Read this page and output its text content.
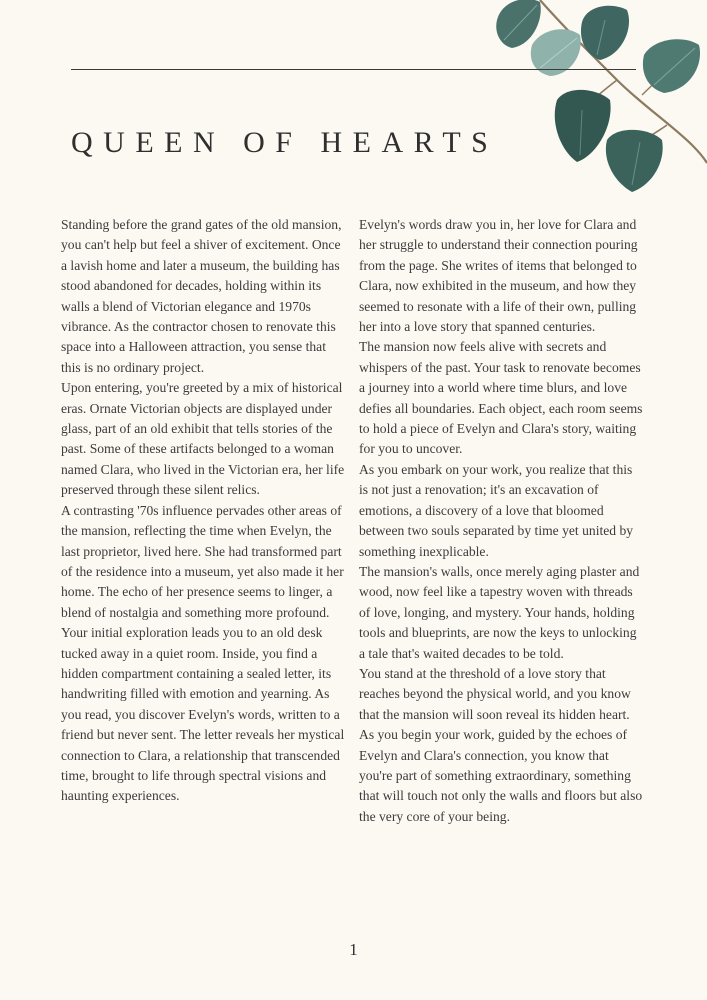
QUEEN OF HEARTS

Standing before the grand gates of the old mansion, you can't help but feel a shiver of excitement. Once a lavish home and later a museum, the building has stood abandoned for decades, holding within its walls a blend of Victorian elegance and 1970s vibrance. As the contractor chosen to renovate this space into a Halloween attraction, you sense that this is no ordinary project.

Upon entering, you're greeted by a mix of historical eras. Ornate Victorian objects are displayed under glass, part of an old exhibit that tells stories of the past. Some of these artifacts belonged to a woman named Clara, who lived in the Victorian era, her life preserved through these silent relics.

A contrasting '70s influence pervades other areas of the mansion, reflecting the time when Evelyn, the last proprietor, lived here. She had transformed part of the residence into a museum, yet also made it her home. The echo of her presence seems to linger, a blend of nostalgia and something more profound.

Your initial exploration leads you to an old desk tucked away in a quiet room. Inside, you find a hidden compartment containing a sealed letter, its handwriting filled with emotion and yearning. As you read, you discover Evelyn's words, written to a friend but never sent. The letter reveals her mystical connection to Clara, a relationship that transcended time, brought to life through spectral visions and haunting experiences.

Evelyn's words draw you in, her love for Clara and her struggle to understand their connection pouring from the page. She writes of items that belonged to Clara, now exhibited in the museum, and how they seemed to resonate with a life of their own, pulling her into a love story that spanned centuries.

The mansion now feels alive with secrets and whispers of the past. Your task to renovate becomes a journey into a world where time blurs, and love defies all boundaries. Each object, each room seems to hold a piece of Evelyn and Clara's story, waiting for you to uncover.

As you embark on your work, you realize that this is not just a renovation; it's an excavation of emotions, a discovery of a love that bloomed between two souls separated by time yet united by something inexplicable.

The mansion's walls, once merely aging plaster and wood, now feel like a tapestry woven with threads of love, longing, and mystery. Your hands, holding tools and blueprints, are now the keys to unlocking a tale that's waited decades to be told.

You stand at the threshold of a love story that reaches beyond the physical world, and you know that the mansion will soon reveal its hidden heart. As you begin your work, guided by the echoes of Evelyn and Clara's connection, you know that you're part of something extraordinary, something that will touch not only the walls and floors but also the very core of your being.

1
